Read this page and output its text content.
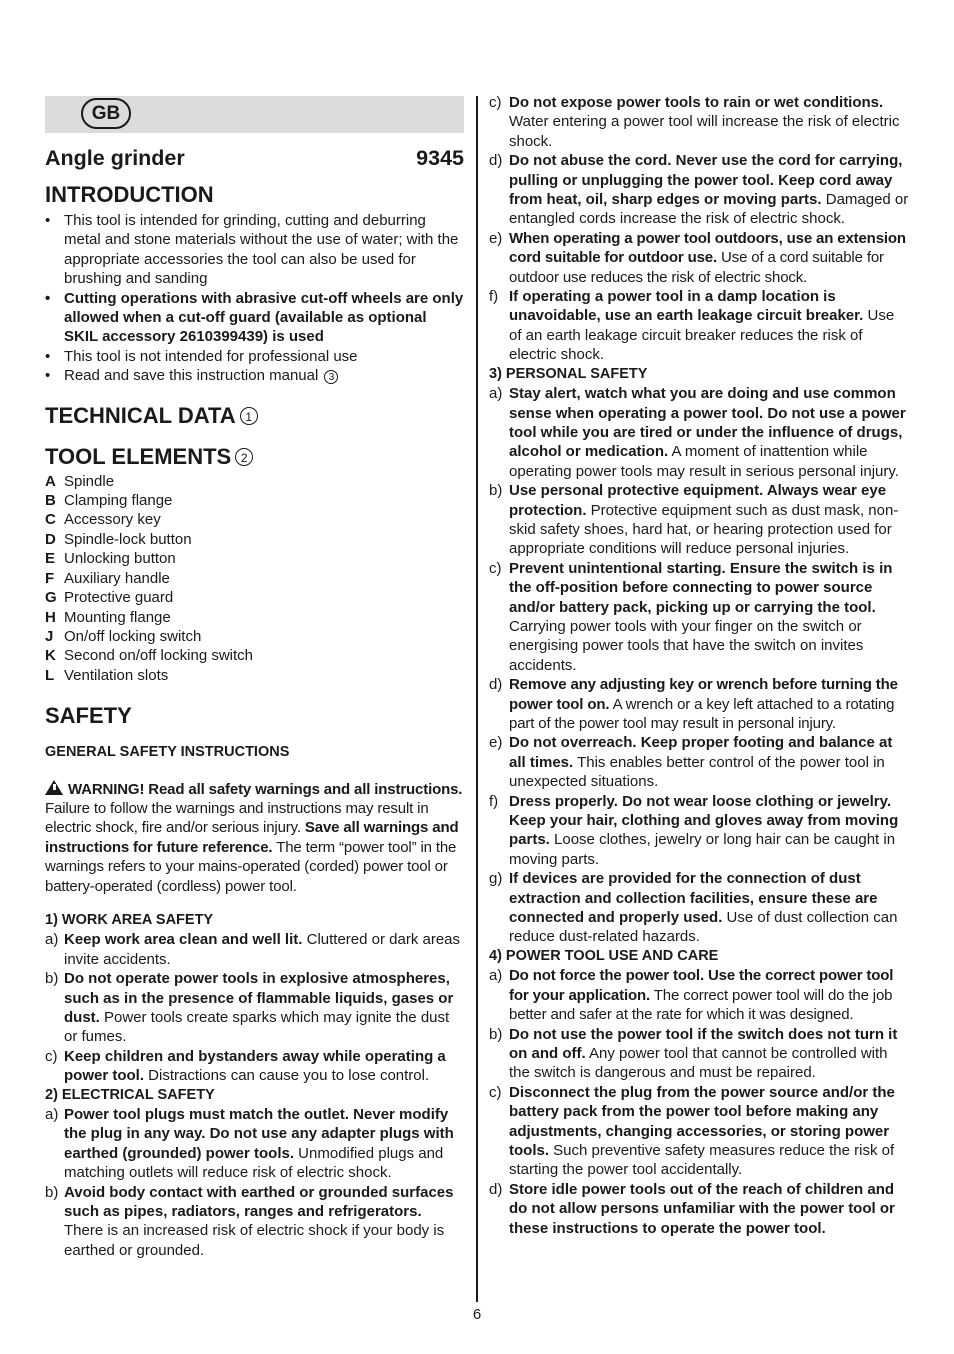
GB
Angle grinder	9345
INTRODUCTION
• This tool is intended for grinding, cutting and deburring metal and stone materials without the use of water; with the appropriate accessories the tool can also be used for brushing and sanding
• Cutting operations with abrasive cut-off wheels are only allowed when a cut-off guard (available as optional SKIL accessory 2610399439) is used
• This tool is not intended for professional use
• Read and save this instruction manual 3
TECHNICAL DATA 1
TOOL ELEMENTS 2
A Spindle
B Clamping flange
C Accessory key
D Spindle-lock button
E Unlocking button
F Auxiliary handle
G Protective guard
H Mounting flange
J On/off locking switch
K Second on/off locking switch
L Ventilation slots
SAFETY
GENERAL SAFETY INSTRUCTIONS
WARNING! Read all safety warnings and all instructions. Failure to follow the warnings and instructions may result in electric shock, fire and/or serious injury. Save all warnings and instructions for future reference. The term “power tool” in the warnings refers to your mains-operated (corded) power tool or battery-operated (cordless) power tool.
1) WORK AREA SAFETY
a) Keep work area clean and well lit. Cluttered or dark areas invite accidents.
b) Do not operate power tools in explosive atmospheres, such as in the presence of flammable liquids, gases or dust. Power tools create sparks which may ignite the dust or fumes.
c) Keep children and bystanders away while operating a power tool. Distractions can cause you to lose control.
2) ELECTRICAL SAFETY
a) Power tool plugs must match the outlet. Never modify the plug in any way. Do not use any adapter plugs with earthed (grounded) power tools. Unmodified plugs and matching outlets will reduce risk of electric shock.
b) Avoid body contact with earthed or grounded surfaces such as pipes, radiators, ranges and refrigerators. There is an increased risk of electric shock if your body is earthed or grounded.
c) Do not expose power tools to rain or wet conditions. Water entering a power tool will increase the risk of electric shock.
d) Do not abuse the cord. Never use the cord for carrying, pulling or unplugging the power tool. Keep cord away from heat, oil, sharp edges or moving parts. Damaged or entangled cords increase the risk of electric shock.
e) When operating a power tool outdoors, use an extension cord suitable for outdoor use. Use of a cord suitable for outdoor use reduces the risk of electric shock.
f) If operating a power tool in a damp location is unavoidable, use an earth leakage circuit breaker. Use of an earth leakage circuit breaker reduces the risk of electric shock.
3) PERSONAL SAFETY
a) Stay alert, watch what you are doing and use common sense when operating a power tool. Do not use a power tool while you are tired or under the influence of drugs, alcohol or medication. A moment of inattention while operating power tools may result in serious personal injury.
b) Use personal protective equipment. Always wear eye protection. Protective equipment such as dust mask, non-skid safety shoes, hard hat, or hearing protection used for appropriate conditions will reduce personal injuries.
c) Prevent unintentional starting. Ensure the switch is in the off-position before connecting to power source and/or battery pack, picking up or carrying the tool. Carrying power tools with your finger on the switch or energising power tools that have the switch on invites accidents.
d) Remove any adjusting key or wrench before turning the power tool on. A wrench or a key left attached to a rotating part of the power tool may result in personal injury.
e) Do not overreach. Keep proper footing and balance at all times. This enables better control of the power tool in unexpected situations.
f) Dress properly. Do not wear loose clothing or jewelry. Keep your hair, clothing and gloves away from moving parts. Loose clothes, jewelry or long hair can be caught in moving parts.
g) If devices are provided for the connection of dust extraction and collection facilities, ensure these are connected and properly used. Use of dust collection can reduce dust-related hazards.
4) POWER TOOL USE AND CARE
a) Do not force the power tool. Use the correct power tool for your application. The correct power tool will do the job better and safer at the rate for which it was designed.
b) Do not use the power tool if the switch does not turn it on and off. Any power tool that cannot be controlled with the switch is dangerous and must be repaired.
c) Disconnect the plug from the power source and/or the battery pack from the power tool before making any adjustments, changing accessories, or storing power tools. Such preventive safety measures reduce the risk of starting the power tool accidentally.
d) Store idle power tools out of the reach of children and do not allow persons unfamiliar with the power tool or these instructions to operate the power tool.
6
